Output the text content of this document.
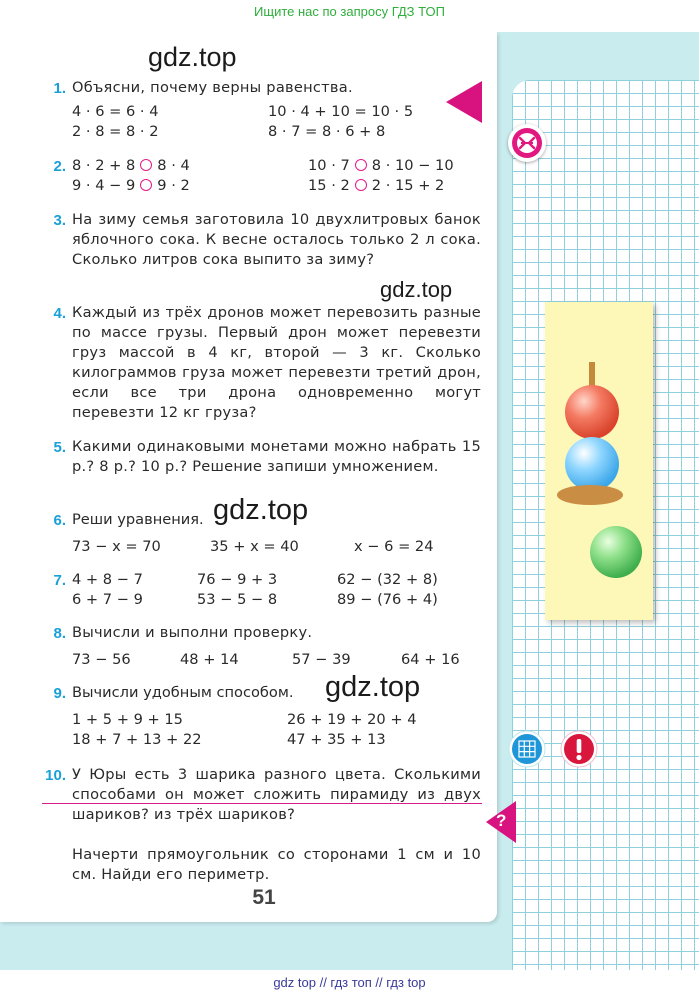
Ищите нас по запросу ГДЗ ТОП
51
gdz top // гдз топ // гдз top
gdz.top
gdz.top
gdz.top
gdz.top
1. Объясни, почему верны равенства.
4 · 6 = 6 · 4	10 · 4 + 10 = 10 · 5
2 · 8 = 8 · 2	8 · 7 = 8 · 6 + 8
2. 8 · 2 + 8 8 · 4	10 · 7 8 · 10 − 10
9 · 4 − 9 9 · 2	15 · 2 2 · 15 + 2
3. На зиму семья заготовила 10 двухлитровых банок яблочного сока. К весне осталось только 2 л сока. Сколько литров сока выпито за зиму?
4. Каждый из трёх дронов может перевозить разные по массе грузы. Первый дрон может перевезти груз массой в 4 кг, второй — 3 кг. Сколько килограммов груза может перевезти третий дрон, если все три дрона одновременно могут перевезти 12 кг груза?
5. Какими одинаковыми монетами можно набрать 15 р.? 8 р.? 10 р.? Решение запиши умножением.
6. Реши уравнения.
73 − x = 70	35 + x = 40	x − 6 = 24
7. 4 + 8 − 7	76 − 9 + 3	62 − (32 + 8)
6 + 7 − 9	53 − 5 − 8	89 − (76 + 4)
8. Вычисли и выполни проверку.
73 − 56	48 + 14	57 − 39	64 + 16
9. Вычисли удобным способом.
1 + 5 + 9 + 15	26 + 19 + 20 + 4
18 + 7 + 13 + 22	47 + 35 + 13
10. У Юры есть 3 шарика разного цвета. Сколькими способами он может сложить пирамиду из двух шариков? из трёх шариков?
Начерти прямоугольник со сторонами 1 см и 10 см. Найди его периметр.
?
